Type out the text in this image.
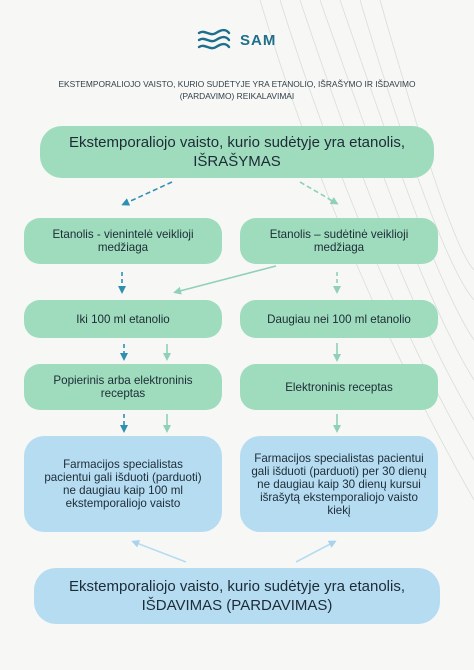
SAM
EKSTEMPORALIOJO VAISTO, KURIO SUDĖTYJE YRA ETANOLIO, IŠRAŠYMO IR IŠDAVIMO (PARDAVIMO) REIKALAVIMAI
Ekstemporaliojo vaisto, kurio sudėtyje yra etanolis, IŠRAŠYMAS
Etanolis - vienintelė veiklioji medžiaga
Etanolis – sudėtinė veiklioji medžiaga
Iki 100 ml etanolio	Daugiau nei 100 ml etanolio
Popierinis arba elektroninis receptas	Elektroninis receptas
Farmacijos specialistas pacientui gali išduoti (parduoti) ne daugiau kaip 100 ml ekstemporaliojo vaisto
Farmacijos specialistas pacientui gali išduoti (parduoti) per 30 dienų ne daugiau kaip 30 dienų kursui išrašytą ekstemporaliojo vaisto kiekį
Ekstemporaliojo vaisto, kurio sudėtyje yra etanolis, IŠDAVIMAS (PARDAVIMAS)
